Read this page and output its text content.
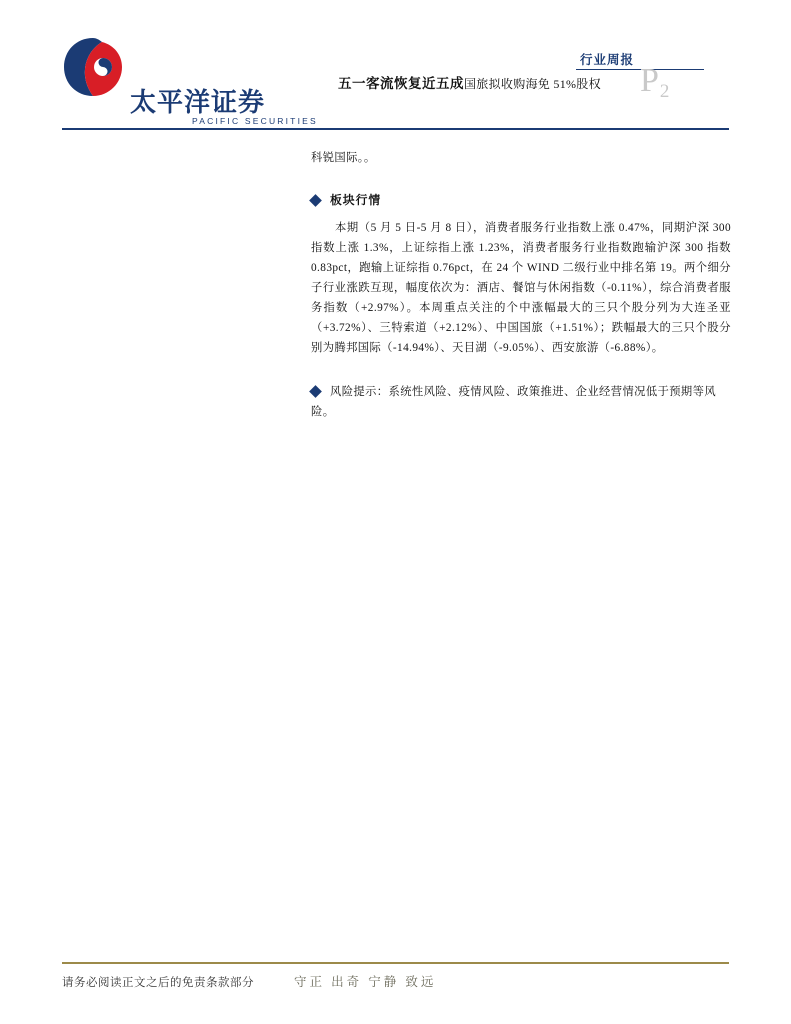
太平洋证券
PACIFIC SECURITIES
行业周报
五一客流恢复近五成国旅拟收购海免 51%股权 P2

科锐国际。。

板块行情

本期（5 月 5 日-5 月 8 日），消费者服务行业指数上涨 0.47%，同期沪深 300 指数上涨 1.3%，上证综指上涨 1.23%，消费者服务行业指数跑输沪深 300 指数 0.83pct，跑输上证综指 0.76pct，在 24 个 WIND 二级行业中排名第 19。两个细分子行业涨跌互现，幅度依次为：酒店、餐馆与休闲指数（-0.11%），综合消费者服务指数（+2.97%）。本周重点关注的个中涨幅最大的三只个股分列为大连圣亚（+3.72%）、三特索道（+2.12%）、中国国旅（+1.51%）；跌幅最大的三只个股分别为腾邦国际（-14.94%）、天目湖（-9.05%）、西安旅游（-6.88%）。

风险提示：系统性风险、疫情风险、政策推进、企业经营情况低于预期等风险。
请务必阅读正文之后的免责条款部分	守正 出奇 宁静 致远
